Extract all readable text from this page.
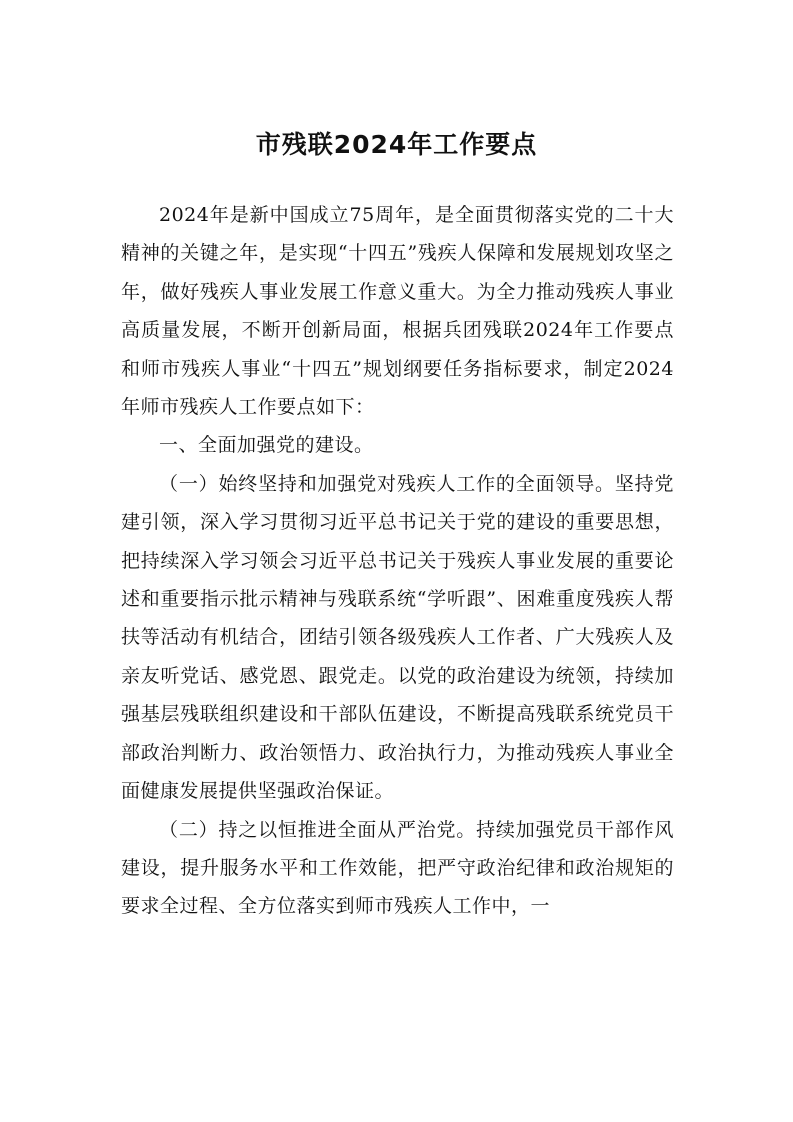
市残联2024年工作要点

2024年是新中国成立75周年，是全面贯彻落实党的二十大精神的关键之年，是实现“十四五”残疾人保障和发展规划攻坚之年，做好残疾人事业发展工作意义重大。为全力推动残疾人事业高质量发展，不断开创新局面，根据兵团残联2024年工作要点和师市残疾人事业“十四五”规划纲要任务指标要求，制定2024年师市残疾人工作要点如下：

一、全面加强党的建设。

（一）始终坚持和加强党对残疾人工作的全面领导。坚持党建引领，深入学习贯彻习近平总书记关于党的建设的重要思想，把持续深入学习领会习近平总书记关于残疾人事业发展的重要论述和重要指示批示精神与残联系统“学听跟”、困难重度残疾人帮扶等活动有机结合，团结引领各级残疾人工作者、广大残疾人及亲友听党话、感党恩、跟党走。以党的政治建设为统领，持续加强基层残联组织建设和干部队伍建设，不断提高残联系统党员干部政治判断力、政治领悟力、政治执行力，为推动残疾人事业全面健康发展提供坚强政治保证。

（二）持之以恒推进全面从严治党。持续加强党员干部作风建设，提升服务水平和工作效能，把严守政治纪律和政治规矩的要求全过程、全方位落实到师市残疾人工作中，一
